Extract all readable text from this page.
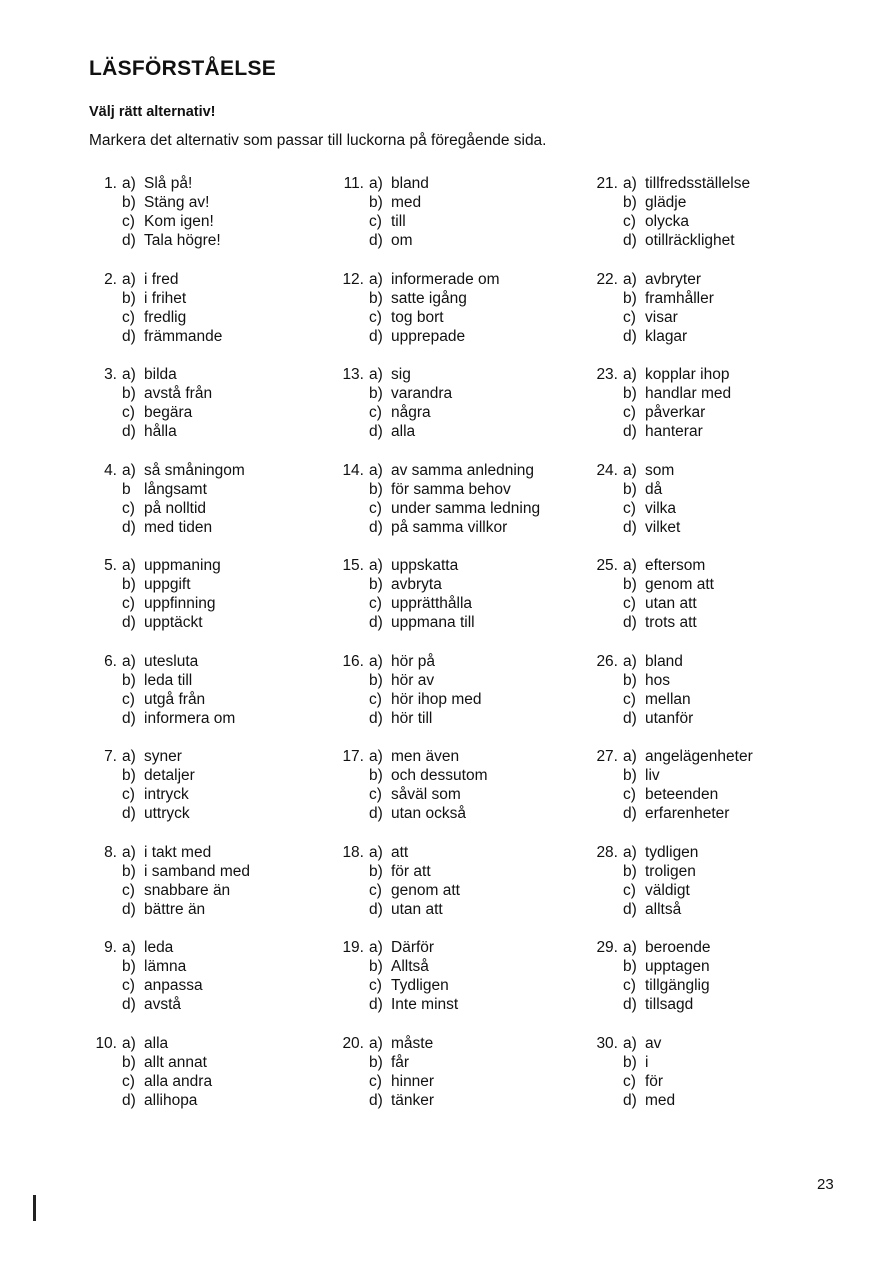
LÄSFÖRSTÅELSE
Välj rätt alternativ!
Markera det alternativ som passar till luckorna på föregående sida.
1. a) Slå på!
b) Stäng av!
c) Kom igen!
d) Tala högre!
2. a) i fred
b) i frihet
c) fredlig
d) främmande
3. a) bilda
b) avstå från
c) begära
d) hålla
4. a) så småningom
b långsamt
c) på nolltid
d) med tiden
5. a) uppmaning
b) uppgift
c) uppfinning
d) upptäckt
6. a) utesluta
b) leda till
c) utgå från
d) informera om
7. a) syner
b) detaljer
c) intryck
d) uttryck
8. a) i takt med
b) i samband med
c) snabbare än
d) bättre än
9. a) leda
b) lämna
c) anpassa
d) avstå
10. a) alla
b) allt annat
c) alla andra
d) allihopa
11. a) bland
b) med
c) till
d) om
12. a) informerade om
b) satte igång
c) tog bort
d) upprepade
13. a) sig
b) varandra
c) några
d) alla
14. a) av samma anledning
b) för samma behov
c) under samma ledning
d) på samma villkor
15. a) uppskatta
b) avbryta
c) upprätthålla
d) uppmana till
16. a) hör på
b) hör av
c) hör ihop med
d) hör till
17. a) men även
b) och dessutom
c) såväl som
d) utan också
18. a) att
b) för att
c) genom att
d) utan att
19. a) Därför
b) Alltså
c) Tydligen
d) Inte minst
20. a) måste
b) får
c) hinner
d) tänker
21. a) tillfredsställelse
b) glädje
c) olycka
d) otillräcklighet
22. a) avbryter
b) framhåller
c) visar
d) klagar
23. a) kopplar ihop
b) handlar med
c) påverkar
d) hanterar
24. a) som
b) då
c) vilka
d) vilket
25. a) eftersom
b) genom att
c) utan att
d) trots att
26. a) bland
b) hos
c) mellan
d) utanför
27. a) angelägenheter
b) liv
c) beteenden
d) erfarenheter
28. a) tydligen
b) troligen
c) väldigt
d) alltså
29. a) beroende
b) upptagen
c) tillgänglig
d) tillsagd
30. a) av
b) i
c) för
d) med
23
